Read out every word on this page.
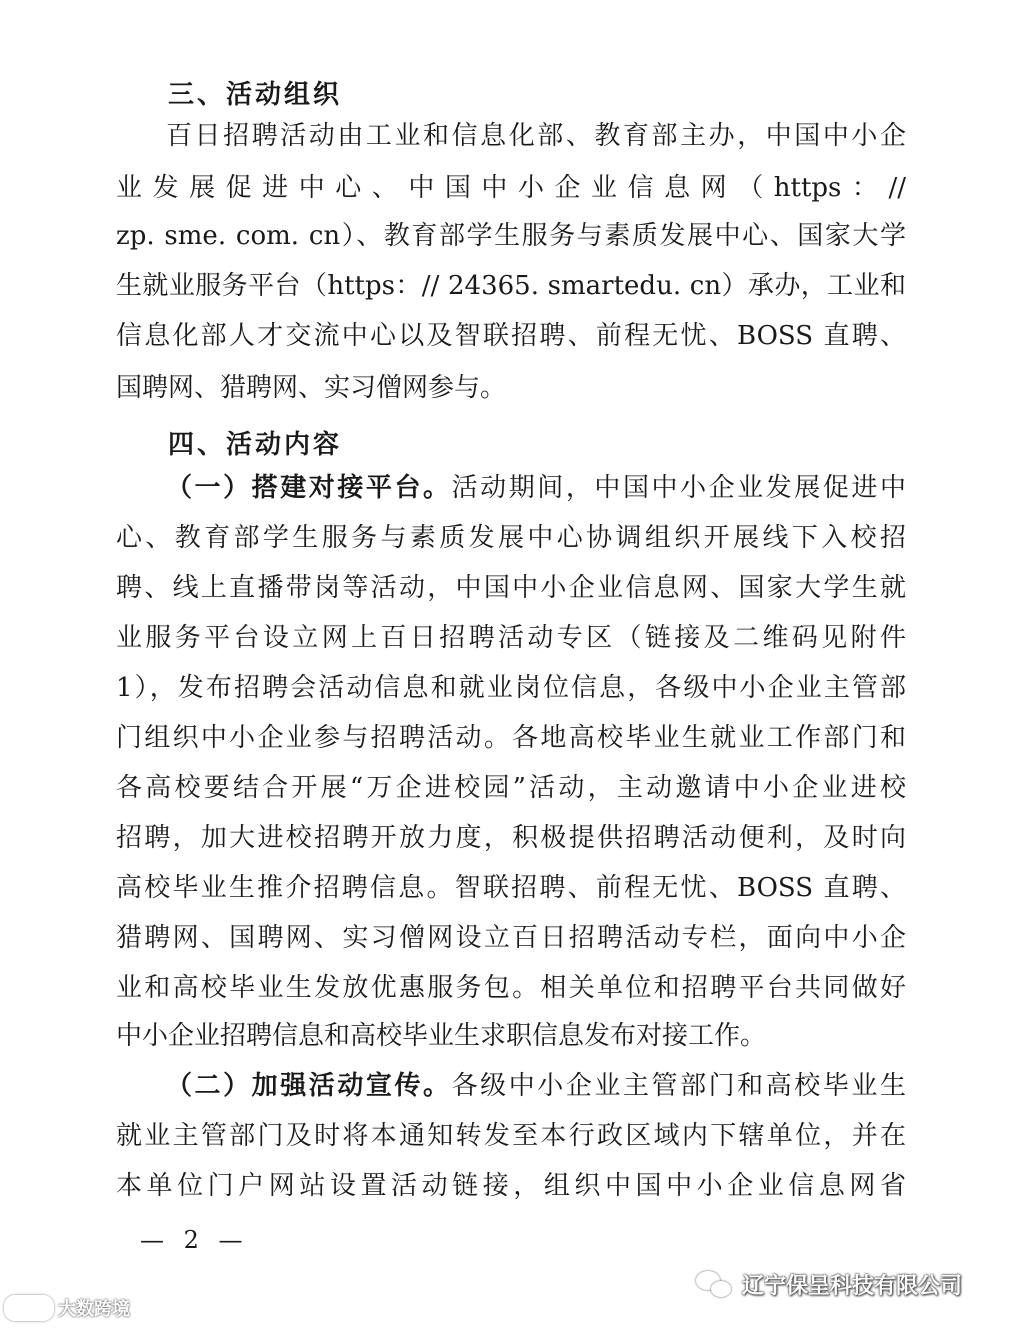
三、活动组织
百日招聘活动由工业和信息化部、教育部主办，中国中小企
业发展促进中心、中国中小企业信息网（https：//
zp. sme. com. cn）、教育部学生服务与素质发展中心、国家大学
生就业服务平台（https：// 24365. smartedu. cn）承办，工业和
信息化部人才交流中心以及智联招聘、前程无忧、BOSS 直聘、
国聘网、猎聘网、实习僧网参与。
四、活动内容
（一）搭建对接平台。活动期间，中国中小企业发展促进中
心、教育部学生服务与素质发展中心协调组织开展线下入校招
聘、线上直播带岗等活动，中国中小企业信息网、国家大学生就
业服务平台设立网上百日招聘活动专区（链接及二维码见附件
1），发布招聘会活动信息和就业岗位信息，各级中小企业主管部
门组织中小企业参与招聘活动。各地高校毕业生就业工作部门和
各高校要结合开展“万企进校园”活动，主动邀请中小企业进校
招聘，加大进校招聘开放力度，积极提供招聘活动便利，及时向
高校毕业生推介招聘信息。智联招聘、前程无忧、BOSS 直聘、
猎聘网、国聘网、实习僧网设立百日招聘活动专栏，面向中小企
业和高校毕业生发放优惠服务包。相关单位和招聘平台共同做好
中小企业招聘信息和高校毕业生求职信息发布对接工作。
（二）加强活动宣传。各级中小企业主管部门和高校毕业生
就业主管部门及时将本通知转发至本行政区域内下辖单位，并在
本单位门户网站设置活动链接，组织中国中小企业信息网省
— 2 —
辽宁保呈科技有限公司
大数跨境
